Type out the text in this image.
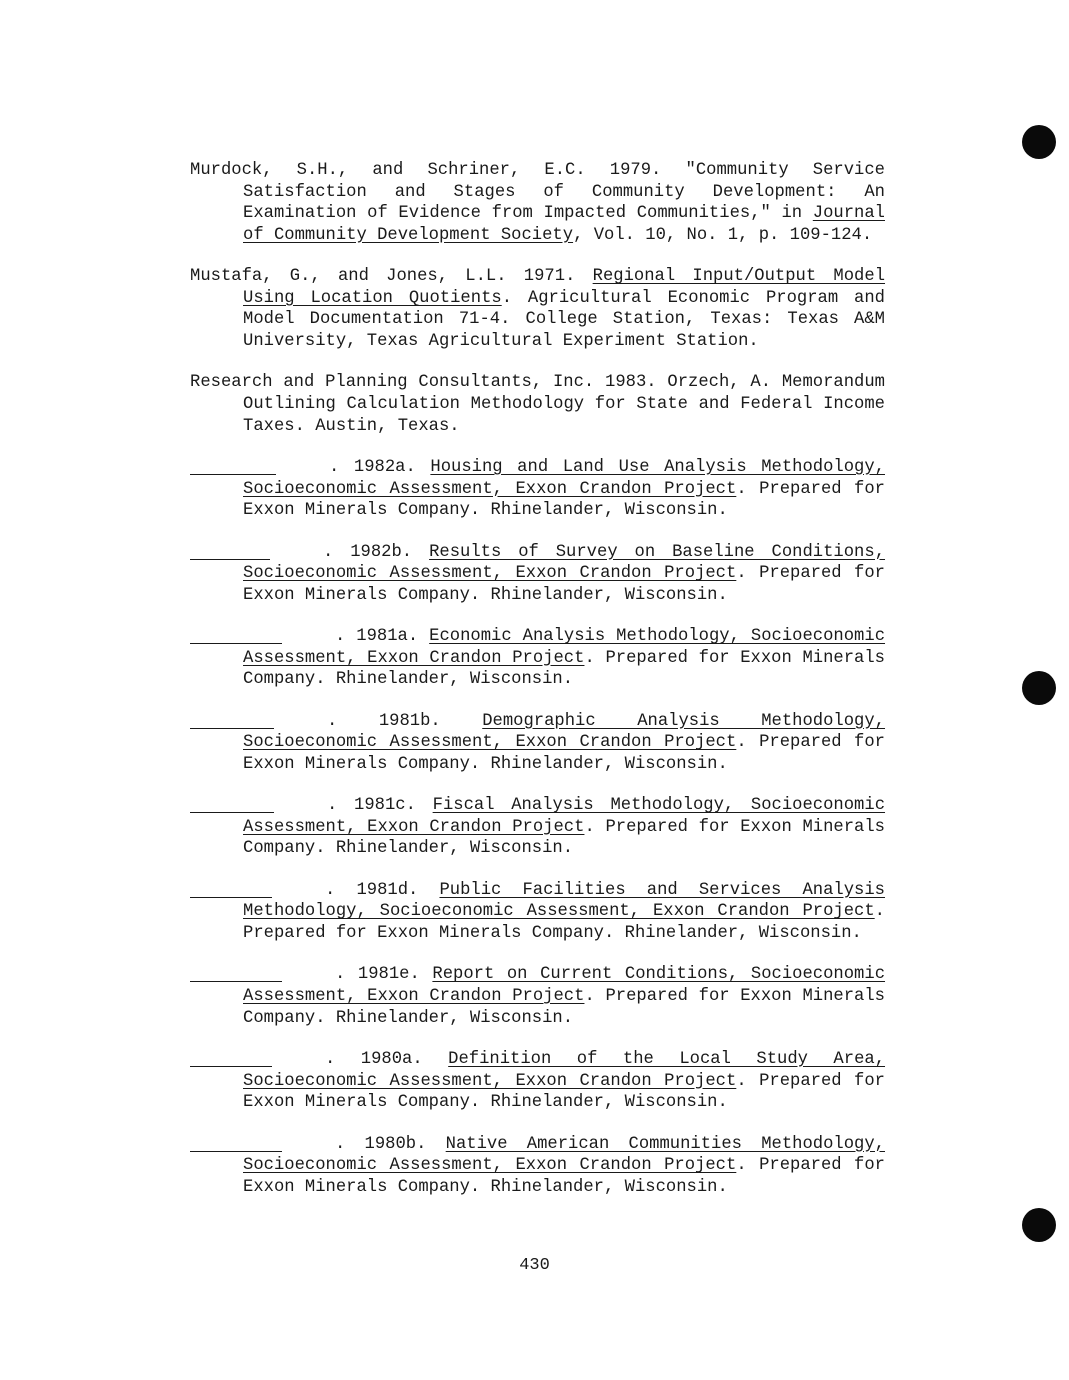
Murdock, S.H., and Schriner, E.C. 1979. "Community Service Satisfaction and Stages of Community Development: An Examination of Evidence from Impacted Communities," in Journal of Community Development Society, Vol. 10, No. 1, p. 109-124.

Mustafa, G., and Jones, L.L. 1971. Regional Input/Output Model Using Location Quotients. Agricultural Economic Program and Model Documentation 71-4. College Station, Texas: Texas A&M University, Texas Agricultural Experiment Station.

Research and Planning Consultants, Inc. 1983. Orzech, A. Memorandum Outlining Calculation Methodology for State and Federal Income Taxes. Austin, Texas.

. 1982a. Housing and Land Use Analysis Methodology, Socioeconomic Assessment, Exxon Crandon Project. Prepared for Exxon Minerals Company. Rhinelander, Wisconsin.

. 1982b. Results of Survey on Baseline Conditions, Socioeconomic Assessment, Exxon Crandon Project. Prepared for Exxon Minerals Company. Rhinelander, Wisconsin.

. 1981a. Economic Analysis Methodology, Socioeconomic Assessment, Exxon Crandon Project. Prepared for Exxon Minerals Company. Rhinelander, Wisconsin.

. 1981b. Demographic Analysis Methodology, Socioeconomic Assessment, Exxon Crandon Project. Prepared for Exxon Minerals Company. Rhinelander, Wisconsin.

. 1981c. Fiscal Analysis Methodology, Socioeconomic Assessment, Exxon Crandon Project. Prepared for Exxon Minerals Company. Rhinelander, Wisconsin.

. 1981d. Public Facilities and Services Analysis Methodology, Socioeconomic Assessment, Exxon Crandon Project. Prepared for Exxon Minerals Company. Rhinelander, Wisconsin.

. 1981e. Report on Current Conditions, Socioeconomic Assessment, Exxon Crandon Project. Prepared for Exxon Minerals Company. Rhinelander, Wisconsin.

. 1980a. Definition of the Local Study Area, Socioeconomic Assessment, Exxon Crandon Project. Prepared for Exxon Minerals Company. Rhinelander, Wisconsin.

. 1980b. Native American Communities Methodology, Socioeconomic Assessment, Exxon Crandon Project. Prepared for Exxon Minerals Company. Rhinelander, Wisconsin.

430
